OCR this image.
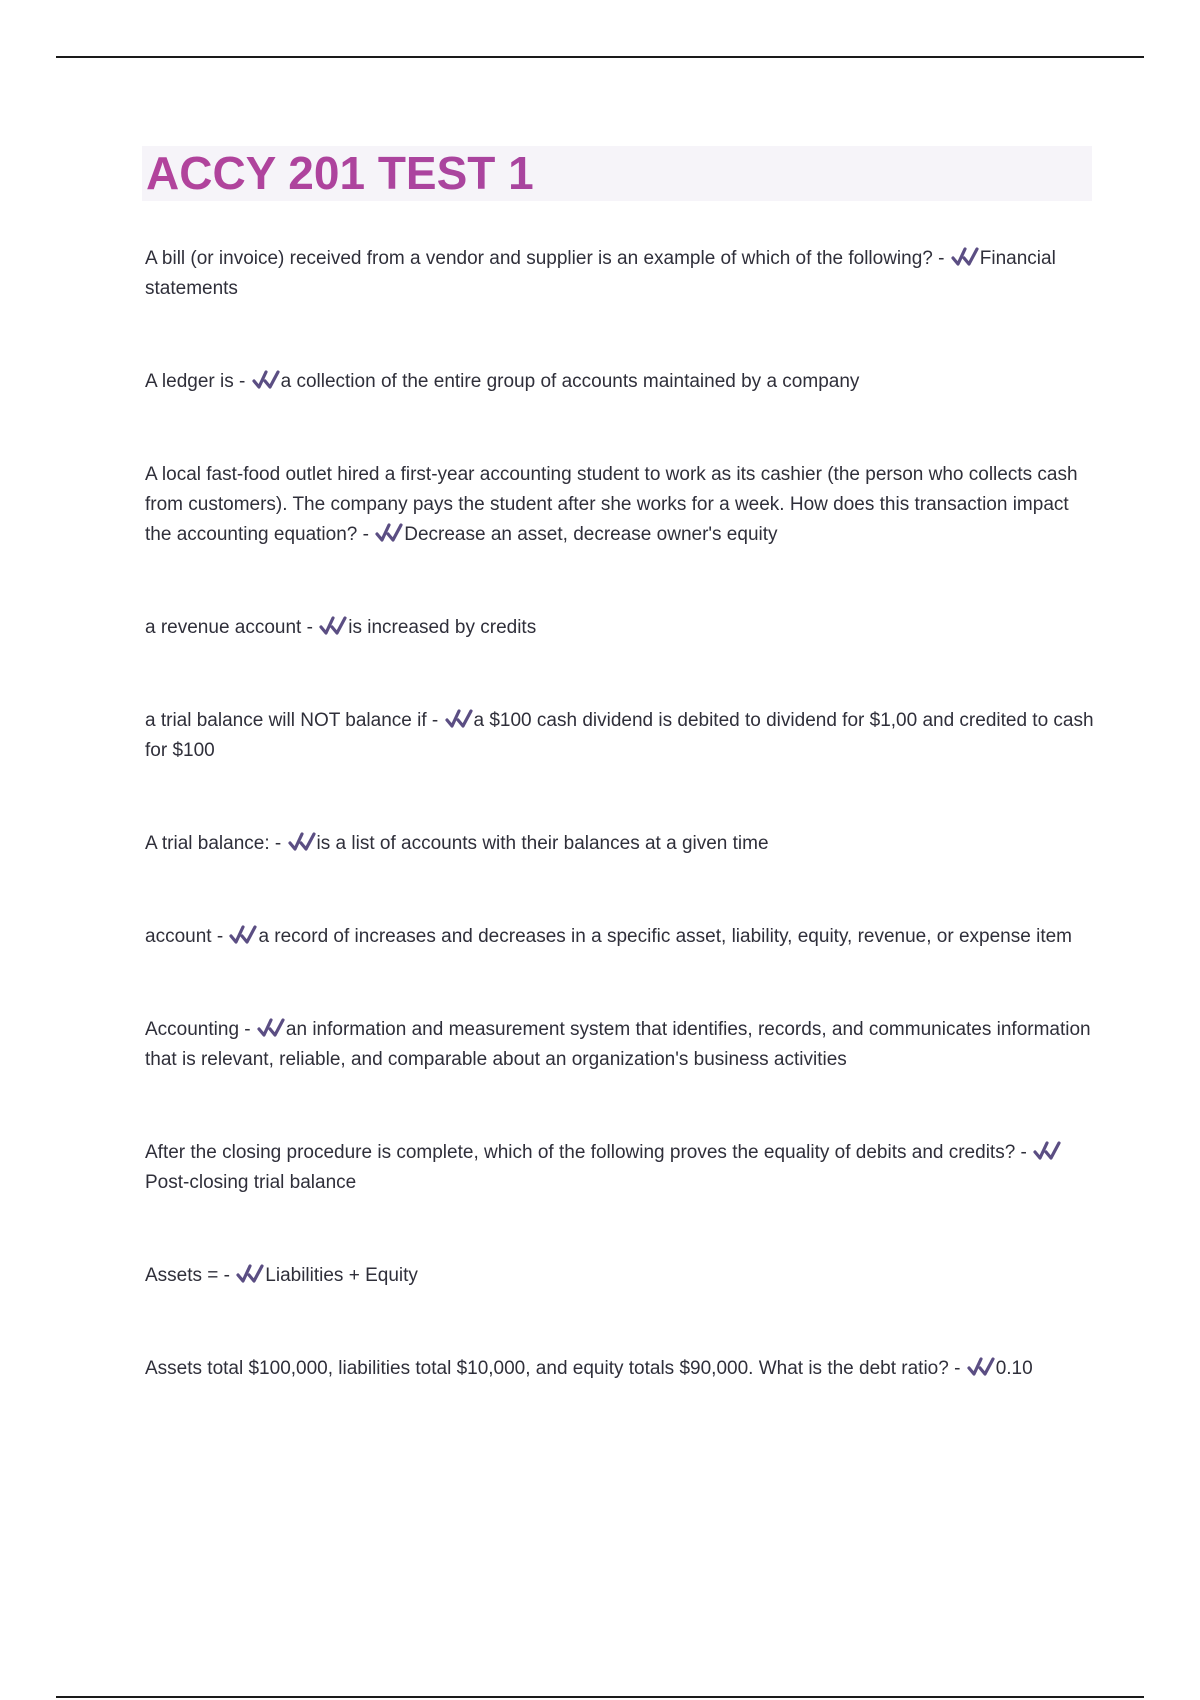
ACCY 201 TEST 1

A bill (or invoice) received from a vendor and supplier is an example of which of the following? - Financial statements

A ledger is - a collection of the entire group of accounts maintained by a company

A local fast-food outlet hired a first-year accounting student to work as its cashier (the person who collects cash from customers). The company pays the student after she works for a week. How does this transaction impact the accounting equation? - Decrease an asset, decrease owner's equity

a revenue account - is increased by credits

a trial balance will NOT balance if - a $100 cash dividend is debited to dividend for $1,00 and credited to cash for $100

A trial balance: - is a list of accounts with their balances at a given time

account - a record of increases and decreases in a specific asset, liability, equity, revenue, or expense item

Accounting - an information and measurement system that identifies, records, and communicates information that is relevant, reliable, and comparable about an organization's business activities

After the closing procedure is complete, which of the following proves the equality of debits and credits? -
Post-closing trial balance

Assets = - Liabilities + Equity

Assets total $100,000, liabilities total $10,000, and equity totals $90,000. What is the debt ratio? - 0.10
